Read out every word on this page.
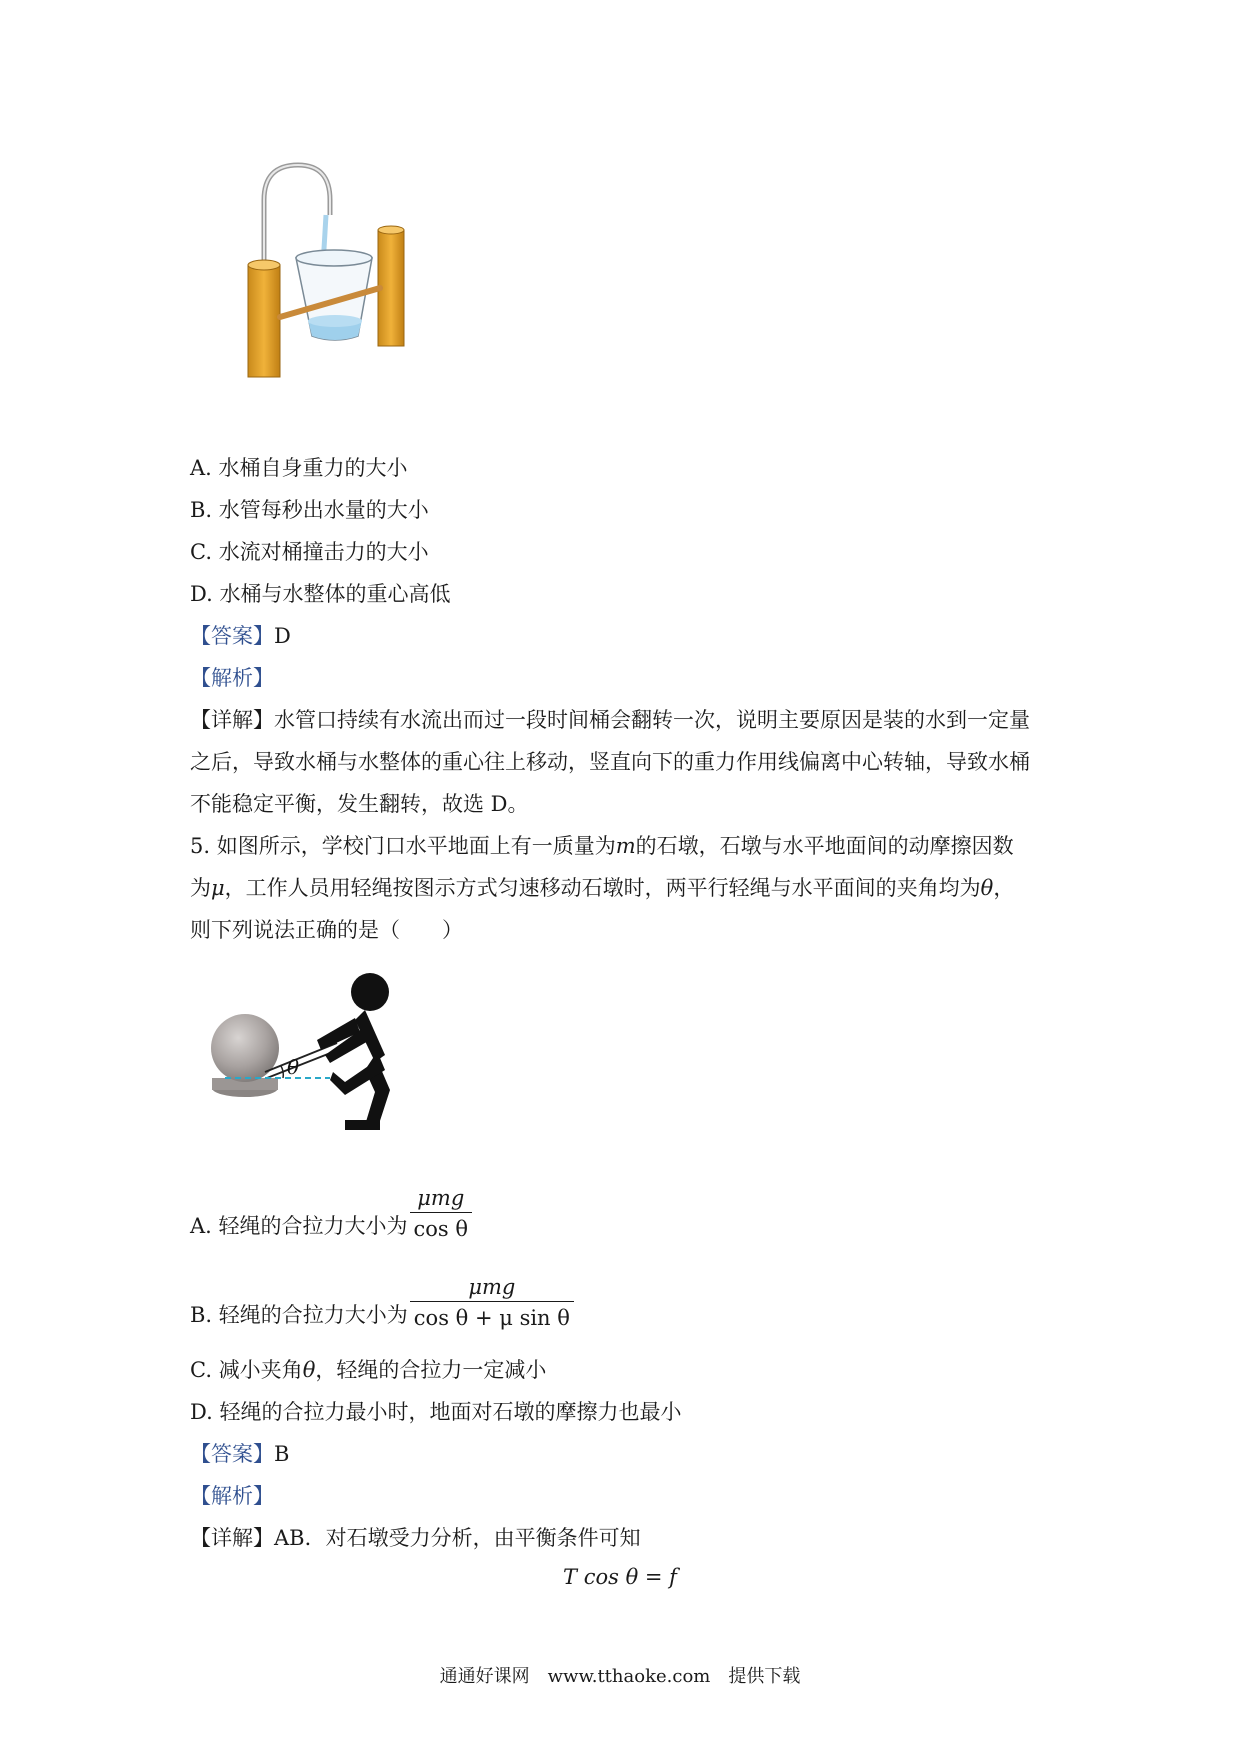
A. 水桶自身重力的大小
B. 水管每秒出水量的大小
C. 水流对桶撞击力的大小
D. 水桶与水整体的重心高低
【答案】D
【解析】
【详解】水管口持续有水流出而过一段时间桶会翻转一次，说明主要原因是装的水到一定量
之后，导致水桶与水整体的重心往上移动，竖直向下的重力作用线偏离中心转轴，导致水桶
不能稳定平衡，发生翻转，故选 D。
5. 如图所示，学校门口水平地面上有一质量为m的石墩，石墩与水平地面间的动摩擦因数
为μ，工作人员用轻绳按图示方式匀速移动石墩时，两平行轻绳与水平面间的夹角均为θ，
则下列说法正确的是（　　）
θ
A. 轻绳的合拉力大小为 $\frac{\text{μmg}}{\text{cos θ}}$
B. 轻绳的合拉力大小为 $\frac{\text{μmg}}{\text{cos θ + μ sin θ}}$
C. 减小夹角θ，轻绳的合拉力一定减小
D. 轻绳的合拉力最小时，地面对石墩的摩擦力也最小
【答案】B
【解析】
【详解】AB．对石墩受力分析，由平衡条件可知
T cos θ = f
通通好课网　www.tthaoke.com　提供下载
